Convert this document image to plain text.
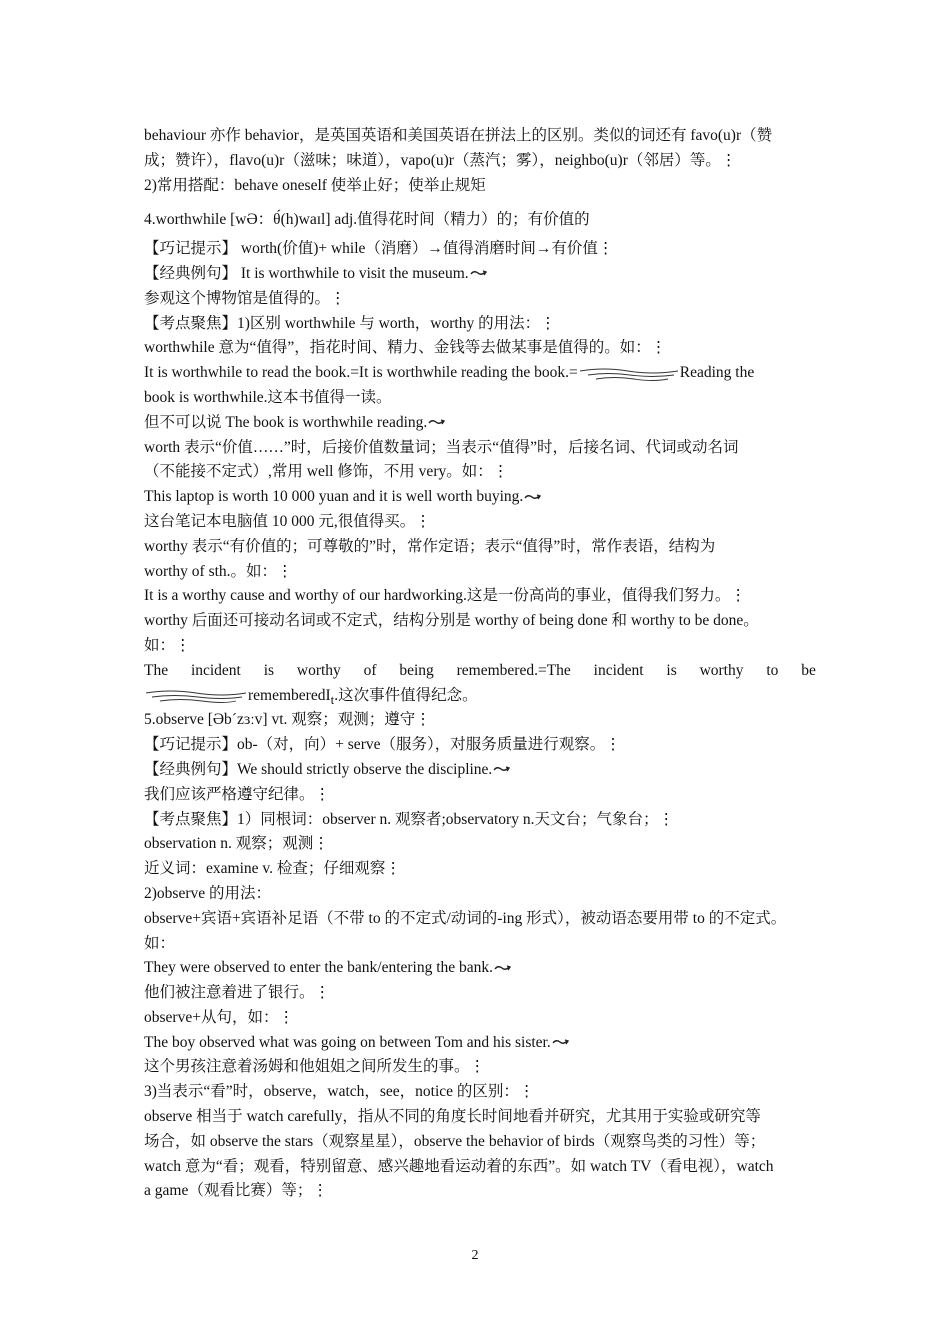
behaviour 亦作 behavior，是英国英语和美国英语在拼法上的区别。类似的词还有 favo(u)r（赞
成；赞许），flavo(u)r（滋味；味道），vapo(u)r（蒸汽；雾），neighbo(u)r（邻居）等。⋮
2)常用搭配：behave oneself 使举止好；使举止规矩
4.worthwhile [wƏ：θ́(h)waɪl] adj.值得花时间（精力）的；有价值的
【巧记提示】 worth(价值)+ while（消磨）→值得消磨时间→有价值⋮
【经典例句】 It is worthwhile to visit the museum.
参观这个博物馆是值得的。⋮
【考点聚焦】1)区别 worthwhile 与 worth，worthy 的用法：⋮
worthwhile 意为“值得”，指花时间、精力、金钱等去做某事是值得的。如：⋮
It is worthwhile to read the book.=It is worthwhile reading the book.=	Reading the
book is worthwhile.这本书值得一读。
但不可以说 The book is worthwhile reading.
worth 表示“价值……”时，后接价值数量词；当表示“值得”时，后接名词、代词或动名词
（不能接不定式）,常用 well 修饰，不用 very。如：⋮
This laptop is worth 10 000 yuan and it is well worth buying.
这台笔记本电脑值 10 000 元,很值得买。⋮
worthy 表示“有价值的；可尊敬的”时，常作定语；表示“值得”时，常作表语，结构为
worthy of sth.。如：⋮
It is a worthy cause and worthy of our hardworking.这是一份高尚的事业，值得我们努力。⋮
worthy 后面还可接动名词或不定式，结构分别是 worthy of being done 和 worthy to be done。
如：⋮
The incident is worthy of being remembered.=The incident is worthy to be
rememberedI$_t$.这次事件值得纪念。
5.observe [Əbˊzɜːv] vt. 观察；观测；遵守⋮
【巧记提示】ob-（对，向）+ serve（服务），对服务质量进行观察。⋮
【经典例句】We should strictly observe the discipline.
我们应该严格遵守纪律。⋮
【考点聚焦】1）同根词：observer n. 观察者;observatory n.天文台；气象台；⋮
observation n. 观察；观测⋮
近义词：examine v. 检查；仔细观察⋮
2)observe 的用法：
observe+宾语+宾语补足语（不带 to 的不定式/动词的-ing 形式），被动语态要用带 to 的不定式。
如：
They were observed to enter the bank/entering the bank.
他们被注意着进了银行。⋮
observe+从句，如：⋮
The boy observed what was going on between Tom and his sister.
这个男孩注意着汤姆和他姐姐之间所发生的事。⋮
3)当表示“看”时，observe，watch，see，notice 的区别：⋮
observe 相当于 watch carefully，指从不同的角度长时间地看并研究，尤其用于实验或研究等
场合，如 observe the stars（观察星星），observe the behavior of birds（观察鸟类的习性）等；
watch 意为“看；观看，特别留意、感兴趣地看运动着的东西”。如 watch TV（看电视），watch
a game（观看比赛）等；⋮
2
